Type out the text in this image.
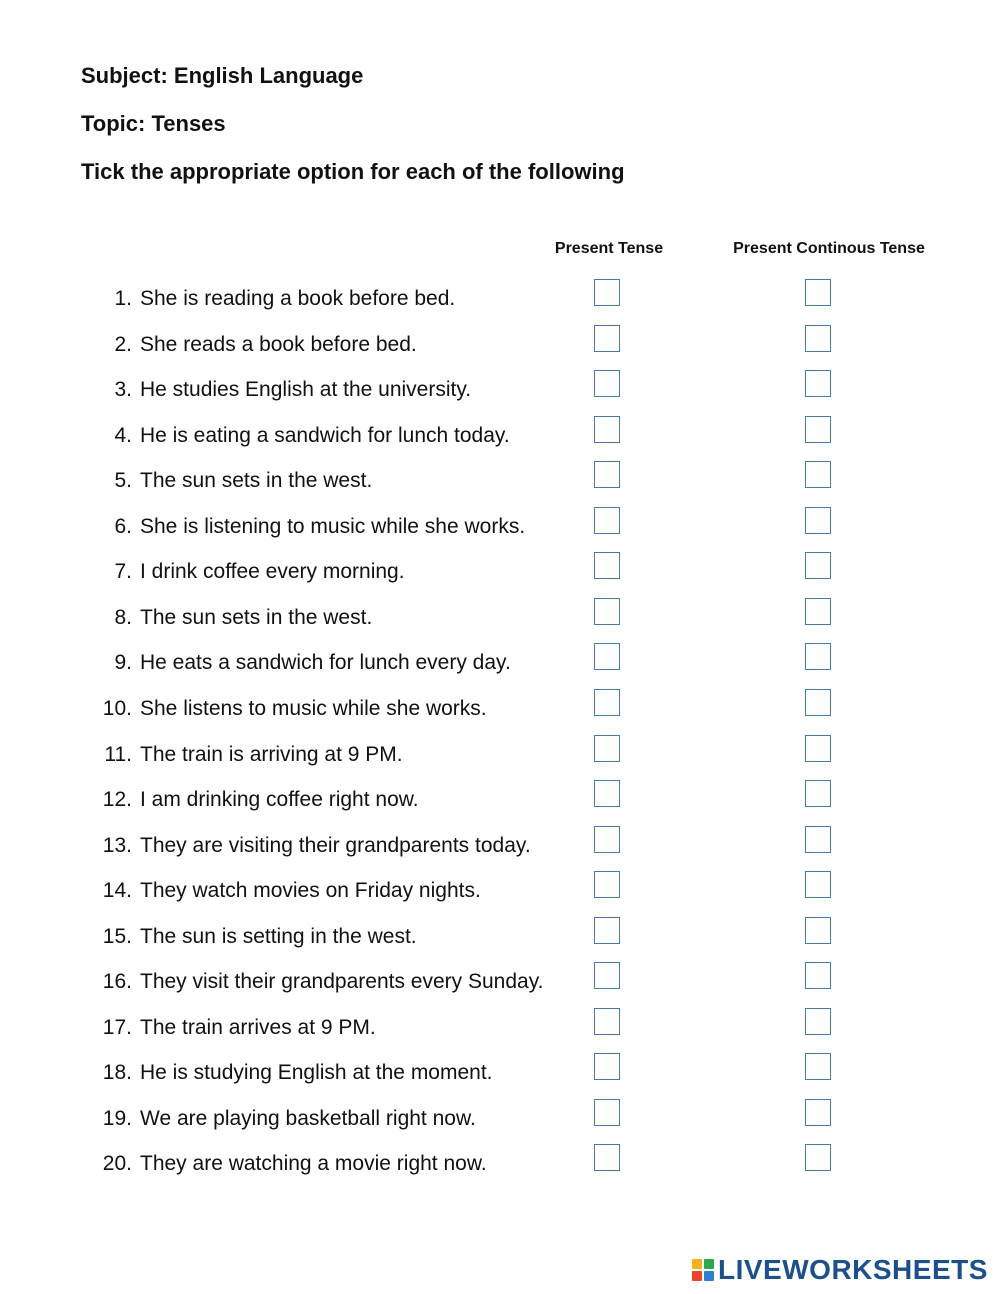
Subject: English Language
Topic: Tenses
Tick the appropriate option for each of the following
Present Tense	Present Continous Tense
1. She is reading a book before bed.
2. She reads a book before bed.
3. He studies English at the university.
4. He is eating a sandwich for lunch today.
5. The sun sets in the west.
6. She is listening to music while she works.
7. I drink coffee every morning.
8. The sun sets in the west.
9. He eats a sandwich for lunch every day.
10. She listens to music while she works.
11. The train is arriving at 9 PM.
12. I am drinking coffee right now.
13. They are visiting their grandparents today.
14. They watch movies on Friday nights.
15. The sun is setting in the west.
16. They visit their grandparents every Sunday.
17. The train arrives at 9 PM.
18. He is studying English at the moment.
19. We are playing basketball right now.
20. They are watching a movie right now.
LIVEWORKSHEETS
